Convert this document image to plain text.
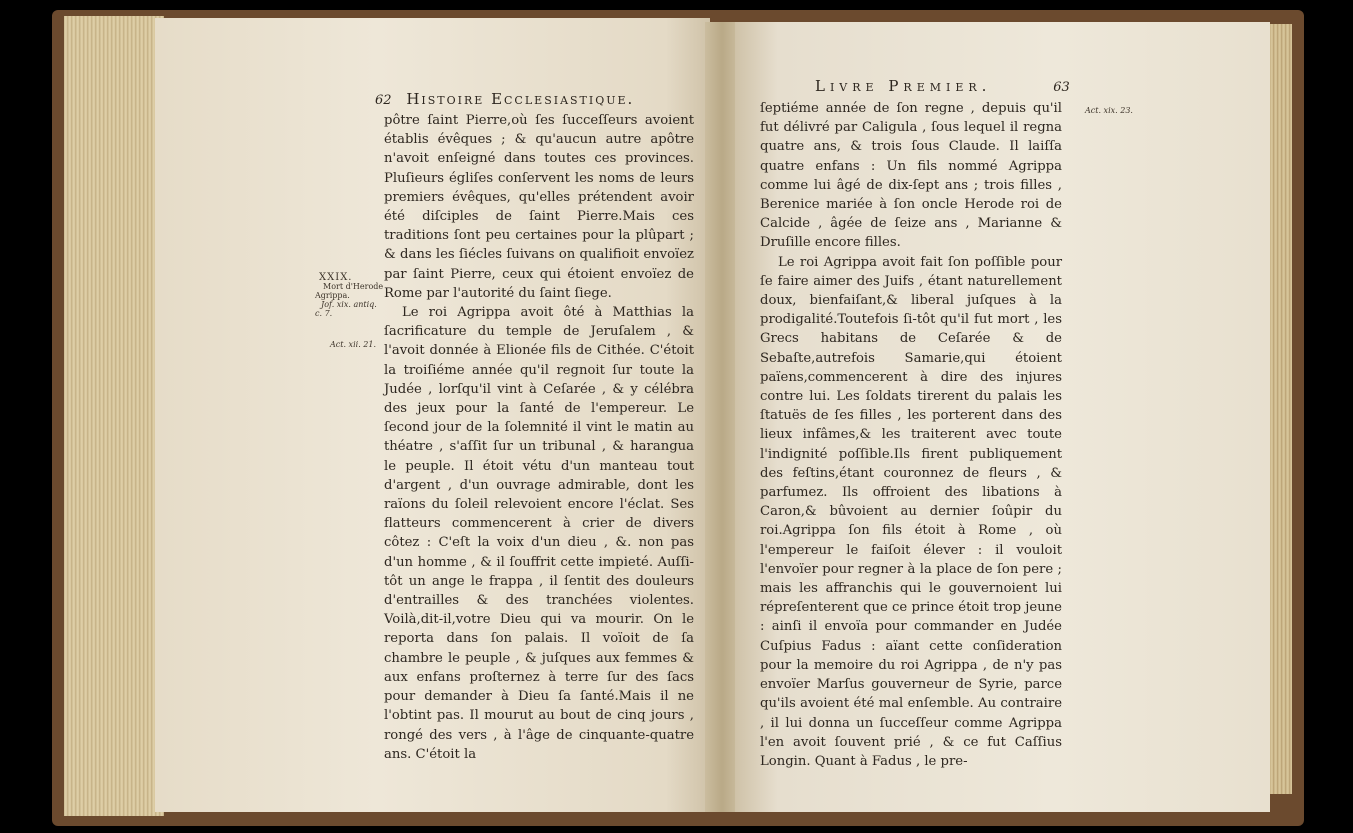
62 Histoire Ecclesiastique.

pôtre ſaint Pierre,où ſes ſucceſſeurs avoient établis évêques ; & qu'aucun autre apôtre n'avoit enſeigné dans toutes ces provinces. Pluſieurs égliſes conſervent les noms de leurs premiers évêques, qu'elles prétendent avoir été diſciples de ſaint Pierre.Mais ces traditions ſont peu certaines pour la plûpart ; & dans les ſiécles ſuivans on qualifioit envoïez par ſaint Pierre, ceux qui étoient envoïez de Rome par l'autorité du ſaint ſiege.

Le roi Agrippa avoit ôté à Matthias la ſacrificature du temple de Jeruſalem , & l'avoit donnée à Elionée fils de Cithée. C'étoit la troiſiéme année qu'il regnoit ſur toute la Judée , lorſqu'il vint à Ceſarée , & y célébra des jeux pour la ſanté de l'empereur. Le ſecond jour de la ſolemnité il vint le matin au théatre , s'aſſit ſur un tribunal , & harangua le peuple. Il étoit vétu d'un manteau tout d'argent , d'un ouvrage admirable, dont les raïons du ſoleil relevoient encore l'éclat. Ses flatteurs commencerent à crier de divers côtez : C'eſt la voix d'un dieu , &. non pas d'un homme , & il ſouffrit cette impieté. Auſſi-tôt un ange le frappa , il ſentit des douleurs d'entrailles & des tranchées violentes. Voilà,dit-il,votre Dieu qui va mourir. On le reporta dans ſon palais. Il voïoit de ſa chambre le peuple , & juſques aux femmes & aux enfans proſternez à terre ſur des ſacs pour demander à Dieu ſa ſanté.Mais il ne l'obtint pas. Il mourut au bout de cinq jours , rongé des vers , à l'âge de cinquante-quatre ans. C'étoit la

XXIX.
Mort d'Herode
Agrippa.
Jof. xix. antiq.
c. 7.
Act. xii. 21.
Livre Premier.	63

ſeptiéme année de ſon regne , depuis qu'il fut délivré par Caligula , ſous lequel il regna quatre ans, & trois ſous Claude. Il laiſſa quatre enfans : Un fils nommé Agrippa comme lui âgé de dix-ſept ans ; trois filles , Berenice mariée à ſon oncle Herode roi de Calcide , âgée de ſeize ans , Marianne & Druſille encore filles.

Le roi Agrippa avoit fait ſon poſſible pour ſe faire aimer des Juifs , étant naturellement doux, bienfaiſant,& liberal juſques à la prodigalité.Toutefois ſi-tôt qu'il fut mort , les Grecs habitans de Ceſarée & de Sebaſte,autrefois Samarie,qui étoient païens,commencerent à dire des injures contre lui. Les ſoldats tirerent du palais les ſtatuës de ſes filles , les porterent dans des lieux infâmes,& les traiterent avec toute l'indignité poſſible.Ils firent publiquement des feſtins,étant couronnez de fleurs , & parfumez. Ils offroient des libations à Caron,& bûvoient au dernier ſoûpir du roi.Agrippa ſon fils étoit à Rome , où l'empereur le faiſoit élever : il vouloit l'envoïer pour regner à la place de ſon pere ; mais les affranchis qui le gouvernoient lui répreſenterent que ce prince étoit trop jeune : ainſi il envoïa pour commander en Judée Cuſpius Fadus : aïant cette conſideration pour la memoire du roi Agrippa , de n'y pas envoïer Marſus gouverneur de Syrie, parce qu'ils avoient été mal enſemble. Au contraire , il lui donna un ſucceſſeur comme Agrippa l'en avoit ſouvent prié , & ce fut Caſſius Longin. Quant à Fadus , le pre-

Act. xix. 23.
